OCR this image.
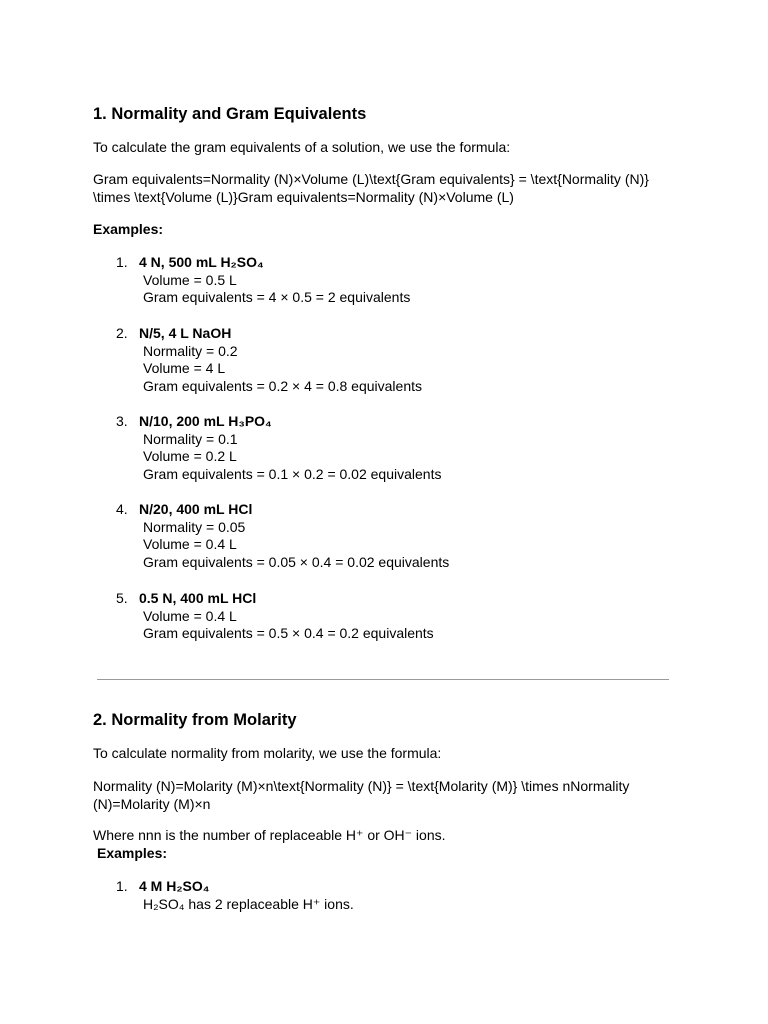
1. Normality and Gram Equivalents

To calculate the gram equivalents of a solution, we use the formula:

Gram equivalents=Normality (N)×Volume (L)\text{Gram equivalents} = \text{Normality (N)} \times \text{Volume (L)}Gram equivalents=Normality (N)×Volume (L)

Examples:

1. 4 N, 500 mL H₂SO₄
Volume = 0.5 L
Gram equivalents = 4 × 0.5 = 2 equivalents
2. N/5, 4 L NaOH
Normality = 0.2
Volume = 4 L
Gram equivalents = 0.2 × 4 = 0.8 equivalents
3. N/10, 200 mL H₃PO₄
Normality = 0.1
Volume = 0.2 L
Gram equivalents = 0.1 × 0.2 = 0.02 equivalents
4. N/20, 400 mL HCl
Normality = 0.05
Volume = 0.4 L
Gram equivalents = 0.05 × 0.4 = 0.02 equivalents
5. 0.5 N, 400 mL HCl
Volume = 0.4 L
Gram equivalents = 0.5 × 0.4 = 0.2 equivalents
2. Normality from Molarity

To calculate normality from molarity, we use the formula:

Normality (N)=Molarity (M)×n\text{Normality (N)} = \text{Molarity (M)} \times nNormality (N)=Molarity (M)×n

Where nnn is the number of replaceable H⁺ or OH⁻ ions.

Examples:

1. 4 M H₂SO₄
H₂SO₄ has 2 replaceable H⁺ ions.
